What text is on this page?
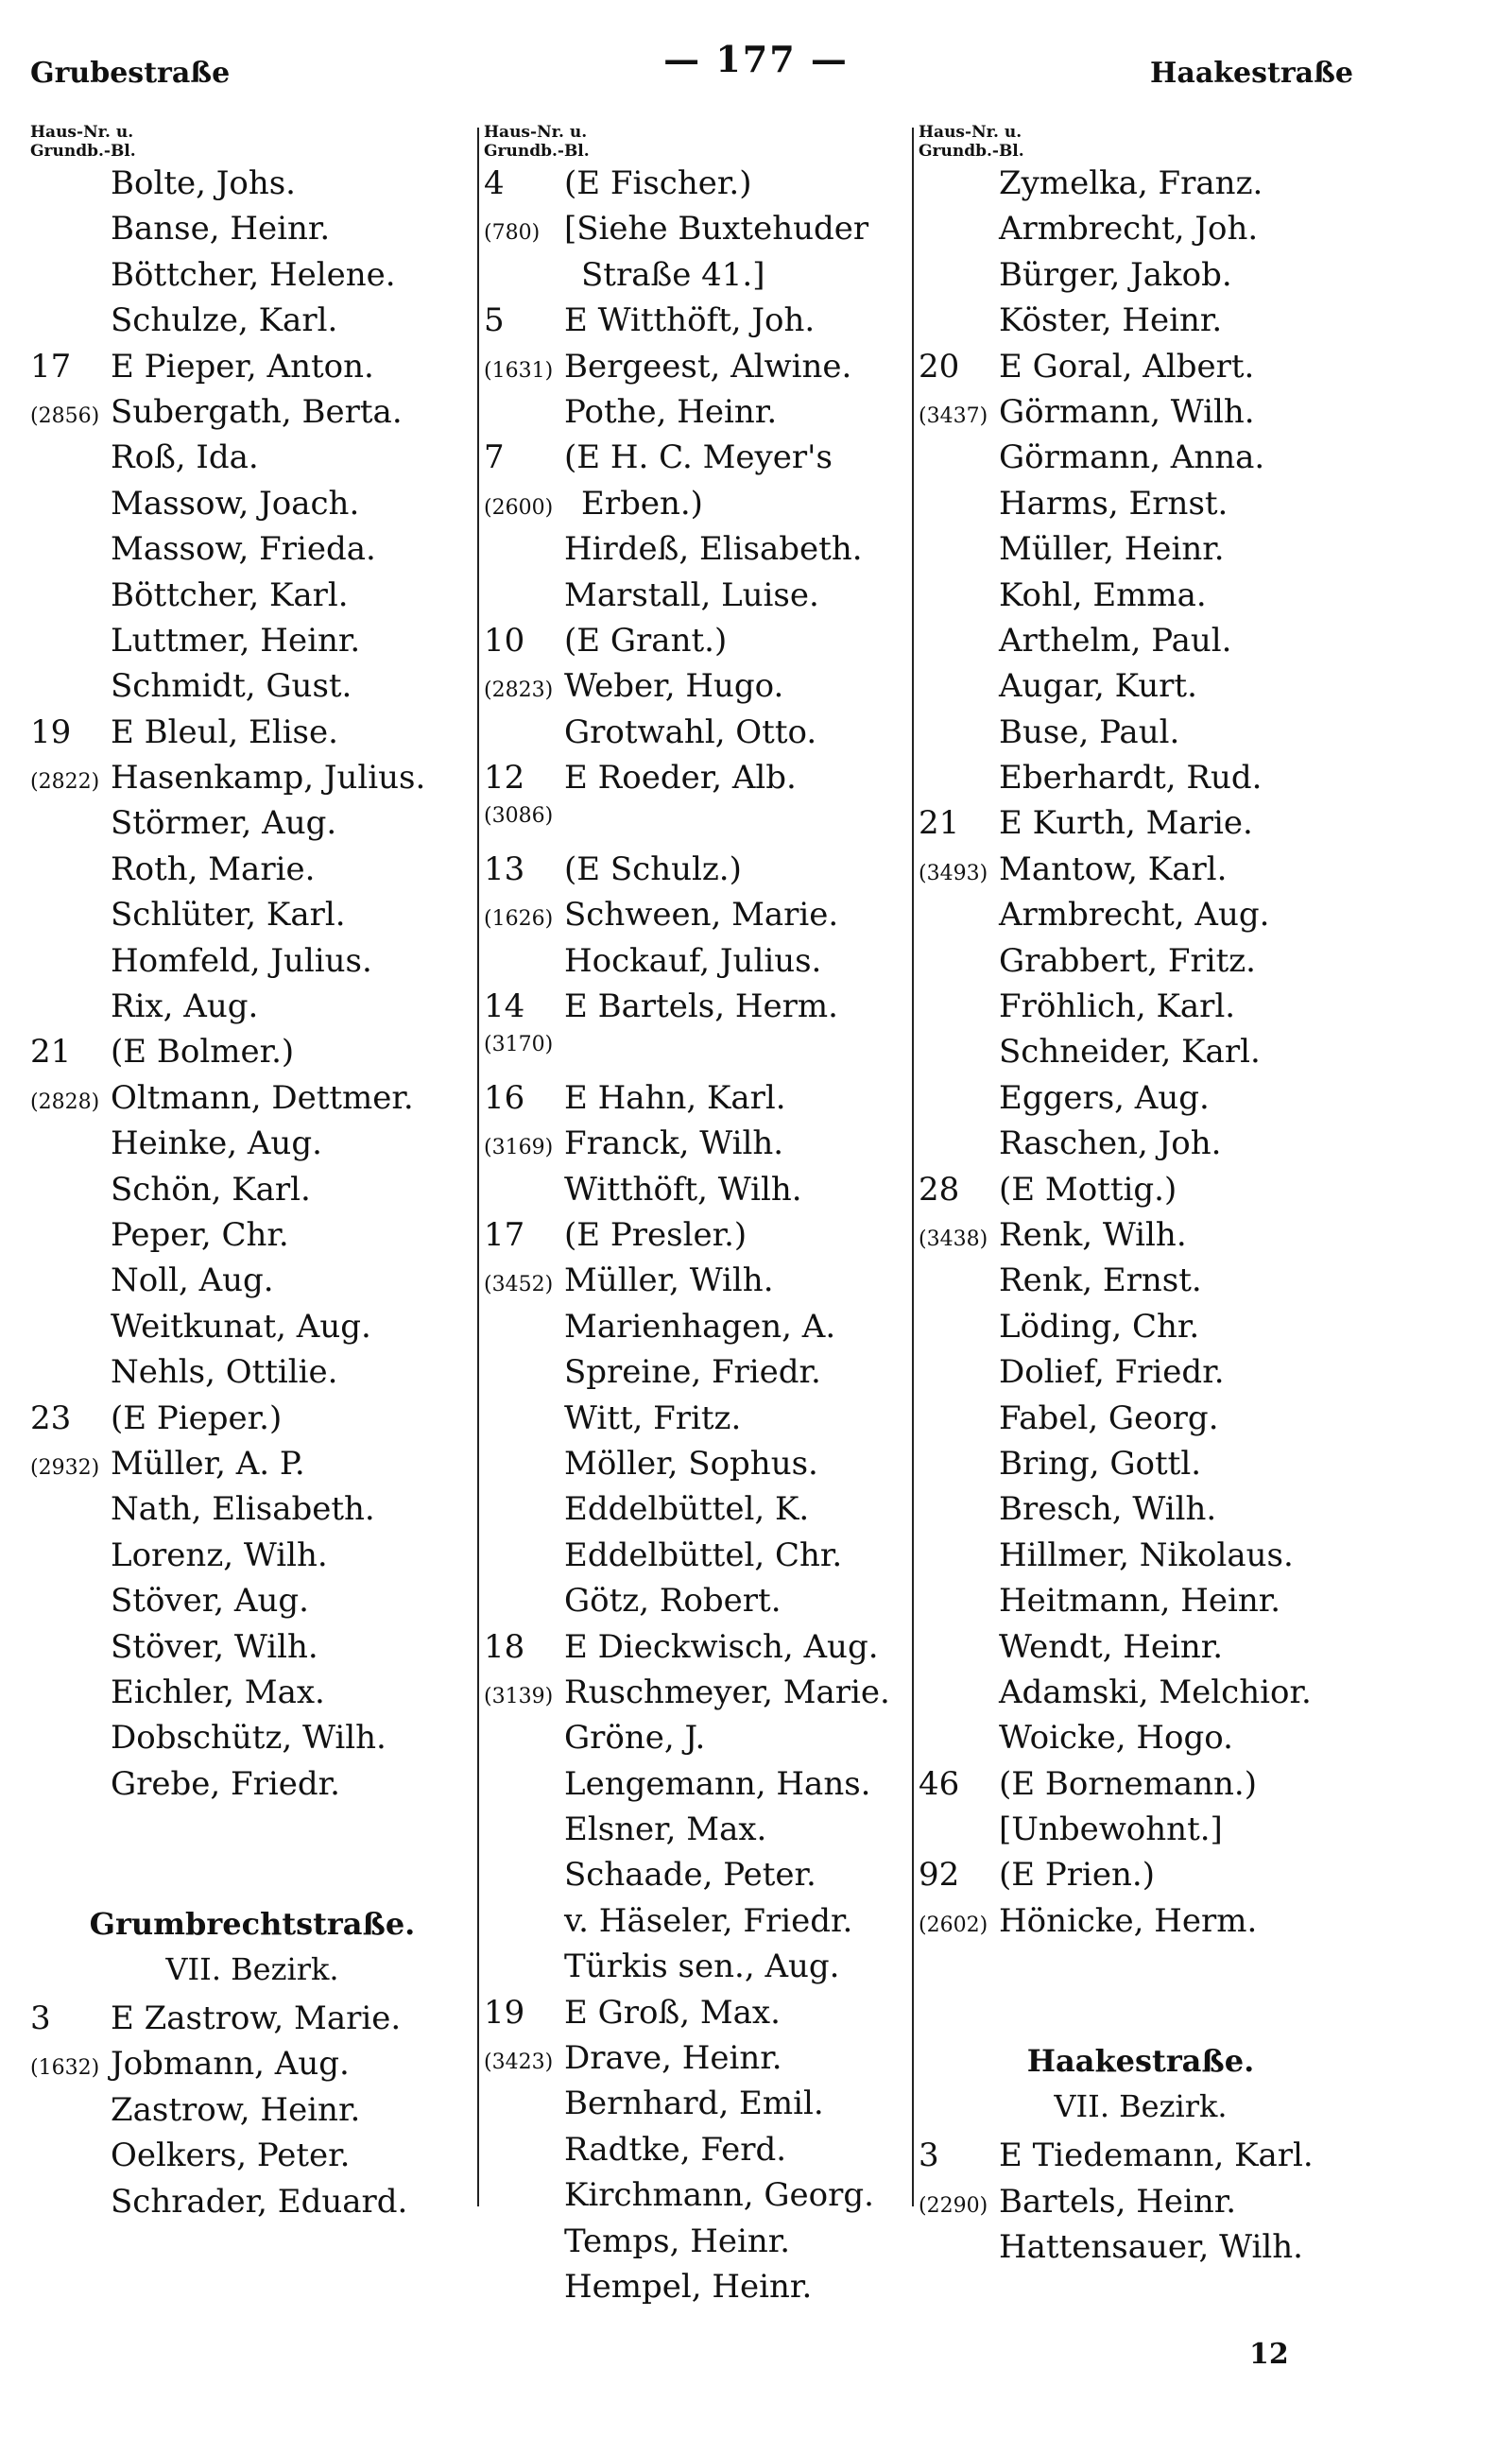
— 177 —
Grubestraße	Haakestraße
Haus-Nr. u.
Grundb.-Bl.
Bolte, Johs.
Banse, Heinr.
Böttcher, Helene.
Schulze, Karl.
17	E Pieper, Anton.
(2856) Subergath, Berta.
Roß, Ida.
Massow, Joach.
Massow, Frieda.
Böttcher, Karl.
Luttmer, Heinr.
Schmidt, Gust.
19	E Bleul, Elise.
(2822) Hasenkamp, Julius.
Störmer, Aug.
Roth, Marie.
Schlüter, Karl.
Homfeld, Julius.
Rix, Aug.
21	(E Bolmer.)
(2828) Oltmann, Dettmer.
Heinke, Aug.
Schön, Karl.
Peper, Chr.
Noll, Aug.
Weitkunat, Aug.
Nehls, Ottilie.
23	(E Pieper.)
(2932) Müller, A. P.
Nath, Elisabeth.
Lorenz, Wilh.
Stöver, Aug.
Stöver, Wilh.
Eichler, Max.
Dobschütz, Wilh.
Grebe, Friedr.
Grumbrechtstraße.
VII. Bezirk.
3	E Zastrow, Marie.
(1632) Jobmann, Aug.
Zastrow, Heinr.
Oelkers, Peter.
Schrader, Eduard.
Haus-Nr. u.
Grundb.-Bl.
4	(E Fischer.)
(780) [Siehe Buxtehuder
Straße 41.]
5	E Witthöft, Joh.
(1631) Bergeest, Alwine.
Pothe, Heinr.
7	(E H. C. Meyer's
(2600) Erben.)
Hirdeß, Elisabeth.
Marstall, Luise.
10	(E Grant.)
(2823) Weber, Hugo.
Grotwahl, Otto.
12	E Roeder, Alb.
(3086)
13	(E Schulz.)
(1626) Schween, Marie.
Hockauf, Julius.
14	E Bartels, Herm.
(3170)
16	E Hahn, Karl.
(3169) Franck, Wilh.
Witthöft, Wilh.
17	(E Presler.)
(3452) Müller, Wilh.
Marienhagen, A.
Spreine, Friedr.
Witt, Fritz.
Möller, Sophus.
Eddelbüttel, K.
Eddelbüttel, Chr.
Götz, Robert.
18	E Dieckwisch, Aug.
(3139) Ruschmeyer, Marie.
Gröne, J.
Lengemann, Hans.
Elsner, Max.
Schaade, Peter.
v. Häseler, Friedr.
Türkis sen., Aug.
19	E Groß, Max.
(3423) Drave, Heinr.
Bernhard, Emil.
Radtke, Ferd.
Kirchmann, Georg.
Temps, Heinr.
Hempel, Heinr.
Haus-Nr. u.
Grundb.-Bl.
Zymelka, Franz.
Armbrecht, Joh.
Bürger, Jakob.
Köster, Heinr.
20	E Goral, Albert.
(3437) Görmann, Wilh.
Görmann, Anna.
Harms, Ernst.
Müller, Heinr.
Kohl, Emma.
Arthelm, Paul.
Augar, Kurt.
Buse, Paul.
Eberhardt, Rud.
21	E Kurth, Marie.
(3493) Mantow, Karl.
Armbrecht, Aug.
Grabbert, Fritz.
Fröhlich, Karl.
Schneider, Karl.
Eggers, Aug.
Raschen, Joh.
28	(E Mottig.)
(3438) Renk, Wilh.
Renk, Ernst.
Löding, Chr.
Dolief, Friedr.
Fabel, Georg.
Bring, Gottl.
Bresch, Wilh.
Hillmer, Nikolaus.
Heitmann, Heinr.
Wendt, Heinr.
Adamski, Melchior.
Woicke, Hogo.
46	(E Bornemann.)
[Unbewohnt.]
92	(E Prien.)
(2602) Hönicke, Herm.
Haakestraße.
VII. Bezirk.
3	E Tiedemann, Karl.
(2290) Bartels, Heinr.
Hattensauer, Wilh.
12
